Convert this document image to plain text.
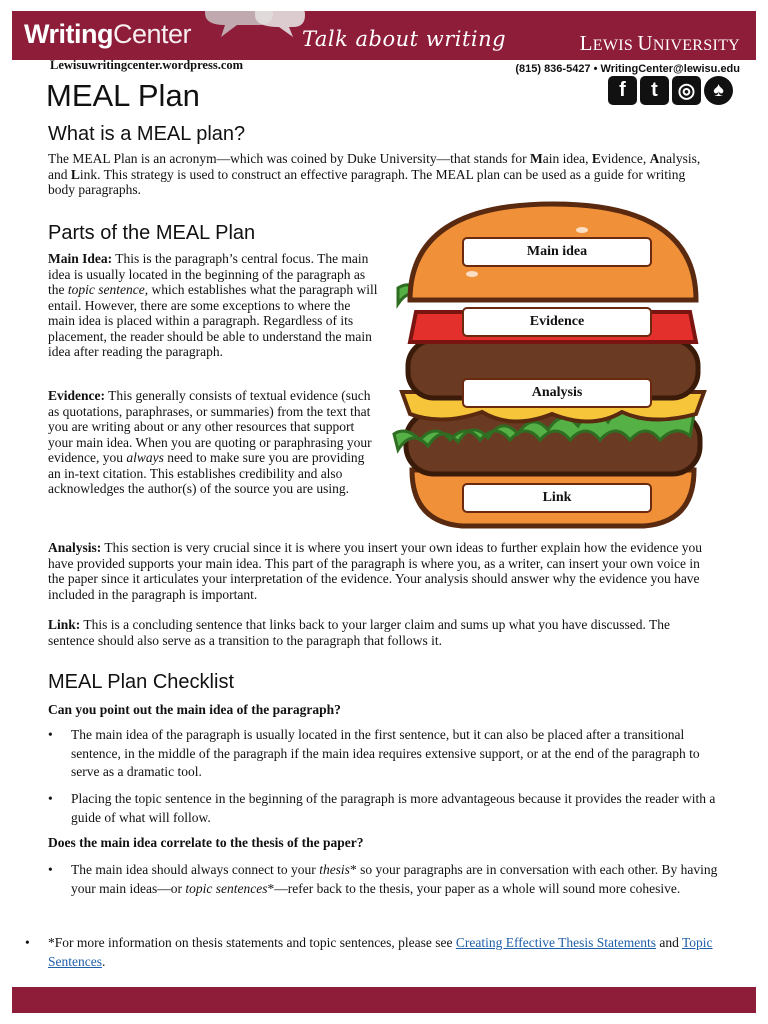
WritingCenter	Talk about writing	LEWIS UNIVERSITY
Lewisuwritingcenter.wordpress.com	(815) 836-5427 • WritingCenter@lewisu.edu
f	t ◎ ♠
MEAL Plan
What is a MEAL plan?

The MEAL Plan is an acronym—which was coined by Duke University—that stands for Main idea, Evidence, Analysis, and Link. This strategy is used to construct an effective paragraph. The MEAL plan can be used as a guide for writing body paragraphs.

Parts of the MEAL Plan

Main Idea: This is the paragraph’s central focus. The main idea is usually located in the beginning of the paragraph as the topic sentence, which establishes what the paragraph will entail. However, there are some exceptions to where the main idea is placed within a paragraph. Regardless of its placement, the reader should be able to understand the main idea after reading the paragraph.

Evidence: This generally consists of textual evidence (such as quotations, paraphrases, or summaries) from the text that you are writing about or any other resources that support your main idea. When you are quoting or paraphrasing your evidence, you always need to make sure you are providing an in-text citation. This establishes credibility and also acknowledges the author(s) of the source you are using.

Main idea
Evidence
Analysis
Link

Analysis: This section is very crucial since it is where you insert your own ideas to further explain how the evidence you have provided supports your main idea. This part of the paragraph is where you, as a writer, can insert your own voice in the paper since it articulates your interpretation of the evidence. Your analysis should answer why the evidence you have included in the paragraph is important.

Link: This is a concluding sentence that links back to your larger claim and sums up what you have discussed. The sentence should also serve as a transition to the paragraph that follows it.

MEAL Plan Checklist

Can you point out the main idea of the paragraph?

• The main idea of the paragraph is usually located in the first sentence, but it can also be placed after a transitional sentence, in the middle of the paragraph if the main idea requires extensive support, or at the end of the paragraph to serve as a dramatic tool.

• Placing the topic sentence in the beginning of the paragraph is more advantageous because it provides the reader with a guide of what will follow.

Does the main idea correlate to the thesis of the paper?

• The main idea should always connect to your thesis* so your paragraphs are in conversation with each other. By having your main ideas—or topic sentences*—refer back to the thesis, your paper as a whole will sound more cohesive.

• *For more information on thesis statements and topic sentences, please see Creating Effective Thesis Statements and Topic Sentences.
